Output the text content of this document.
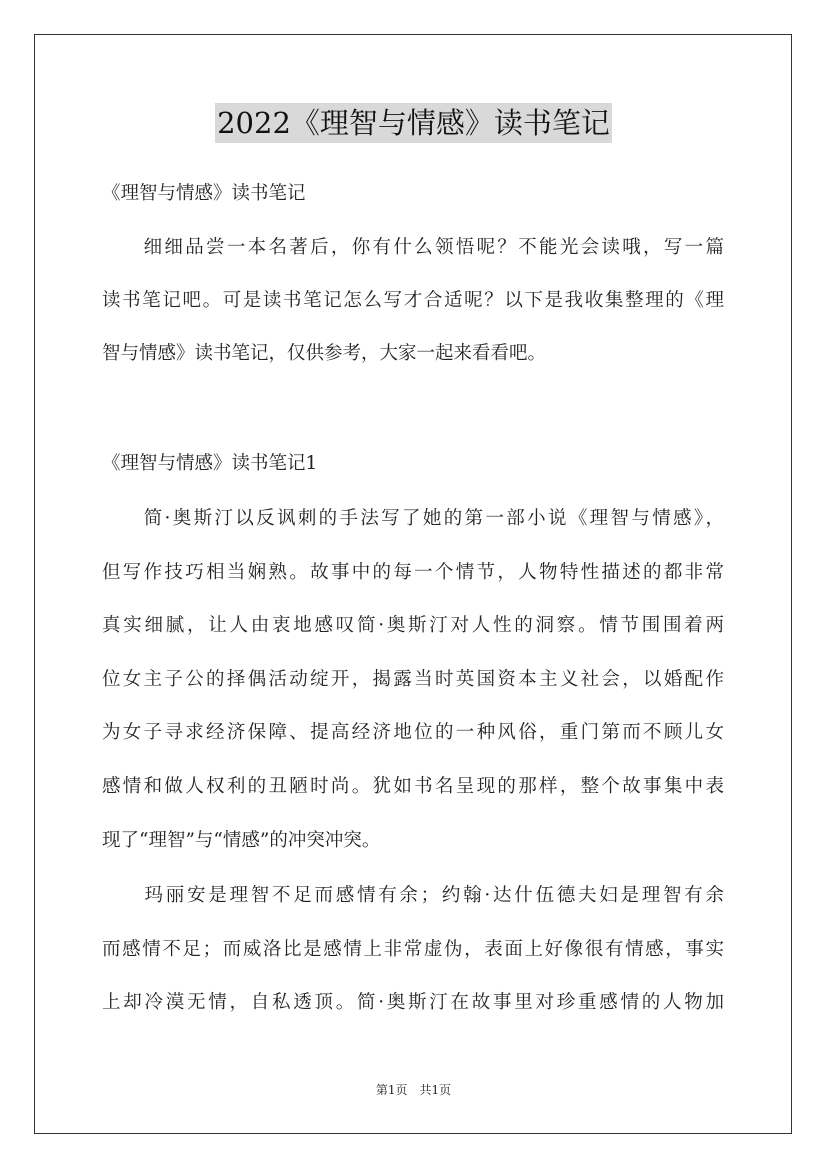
2022《理智与情感》读书笔记
《理智与情感》读书笔记
　　细细品尝一本名著后，你有什么领悟呢？不能光会读哦，写一篇
读书笔记吧。可是读书笔记怎么写才合适呢？以下是我收集整理的《理
智与情感》读书笔记，仅供参考，大家一起来看看吧。
《理智与情感》读书笔记1
　　简·奥斯汀以反讽刺的手法写了她的第一部小说《理智与情感》，
但写作技巧相当娴熟。故事中的每一个情节，人物特性描述的都非常
真实细腻，让人由衷地感叹简·奥斯汀对人性的洞察。情节围围着两
位女主子公的择偶活动绽开，揭露当时英国资本主义社会，以婚配作
为女子寻求经济保障、提高经济地位的一种风俗，重门第而不顾儿女
感情和做人权利的丑陋时尚。犹如书名呈现的那样，整个故事集中表
现了“理智”与“情感”的冲突冲突。
　　玛丽安是理智不足而感情有余；约翰·达什伍德夫妇是理智有余
而感情不足；而威洛比是感情上非常虚伪，表面上好像很有情感，事实
上却冷漠无情，自私透顶。简·奥斯汀在故事里对珍重感情的人物加
第1页　共1页
